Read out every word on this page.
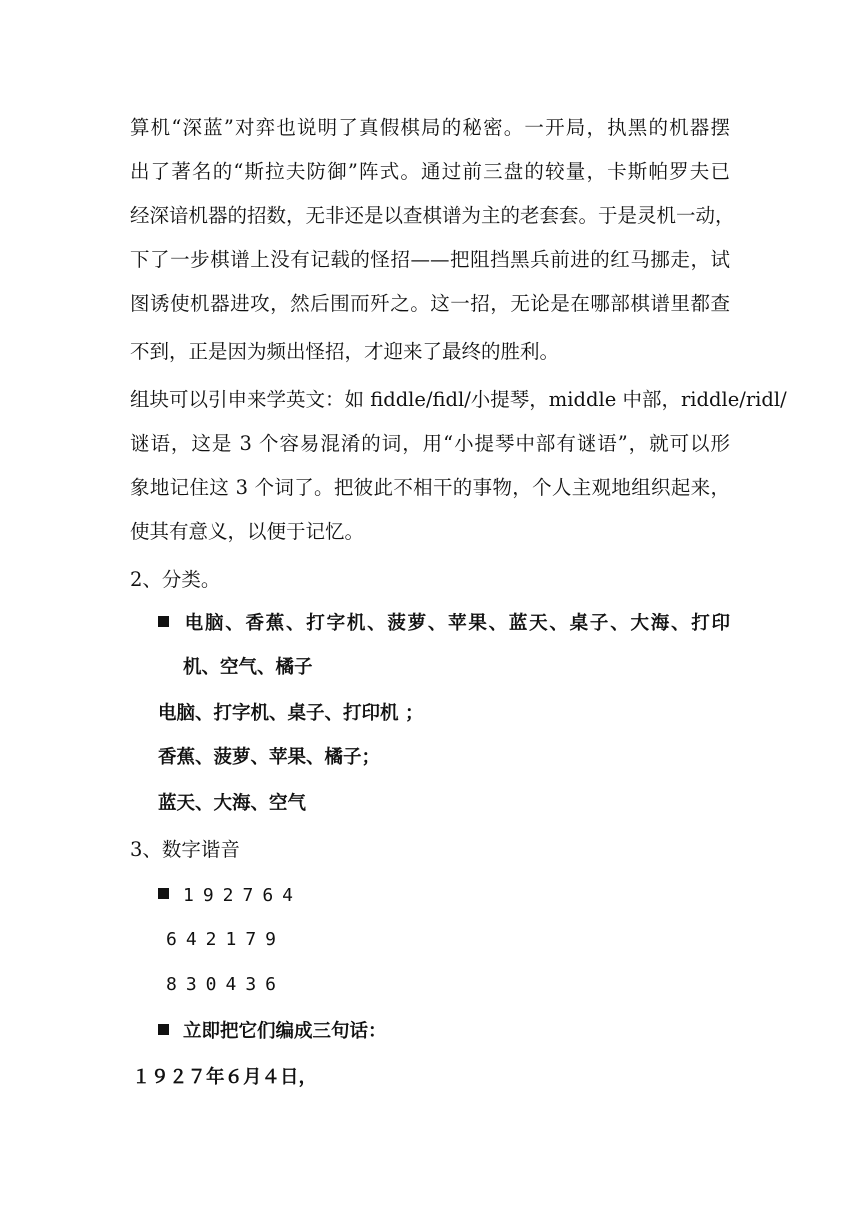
算机“深蓝”对弈也说明了真假棋局的秘密。一开局，执黑的机器摆
出了著名的“斯拉夫防御”阵式。通过前三盘的较量，卡斯帕罗夫已
经深谙机器的招数，无非还是以查棋谱为主的老套套。于是灵机一动，
下了一步棋谱上没有记载的怪招——把阻挡黑兵前进的红马挪走，试
图诱使机器进攻，然后围而歼之。这一招，无论是在哪部棋谱里都查
不到，正是因为频出怪招，才迎来了最终的胜利。
组块可以引申来学英文：如 fiddle/fidl/小提琴，middle 中部，riddle/ridl/
谜语，这是 3 个容易混淆的词，用“小提琴中部有谜语”，就可以形
象地记住这 3 个词了。把彼此不相干的事物，个人主观地组织起来，
使其有意义，以便于记忆。
2、分类。
电脑、香蕉、打字机、菠萝、苹果、蓝天、桌子、大海、打印
机、空气、橘子
电脑、打字机、桌子、打印机 ；
香蕉、菠萝、苹果、橘子；
蓝天、大海、空气
3、数字谐音
192764
642179
830436
立即把它们编成三句话：
１９２７年６月４日，
